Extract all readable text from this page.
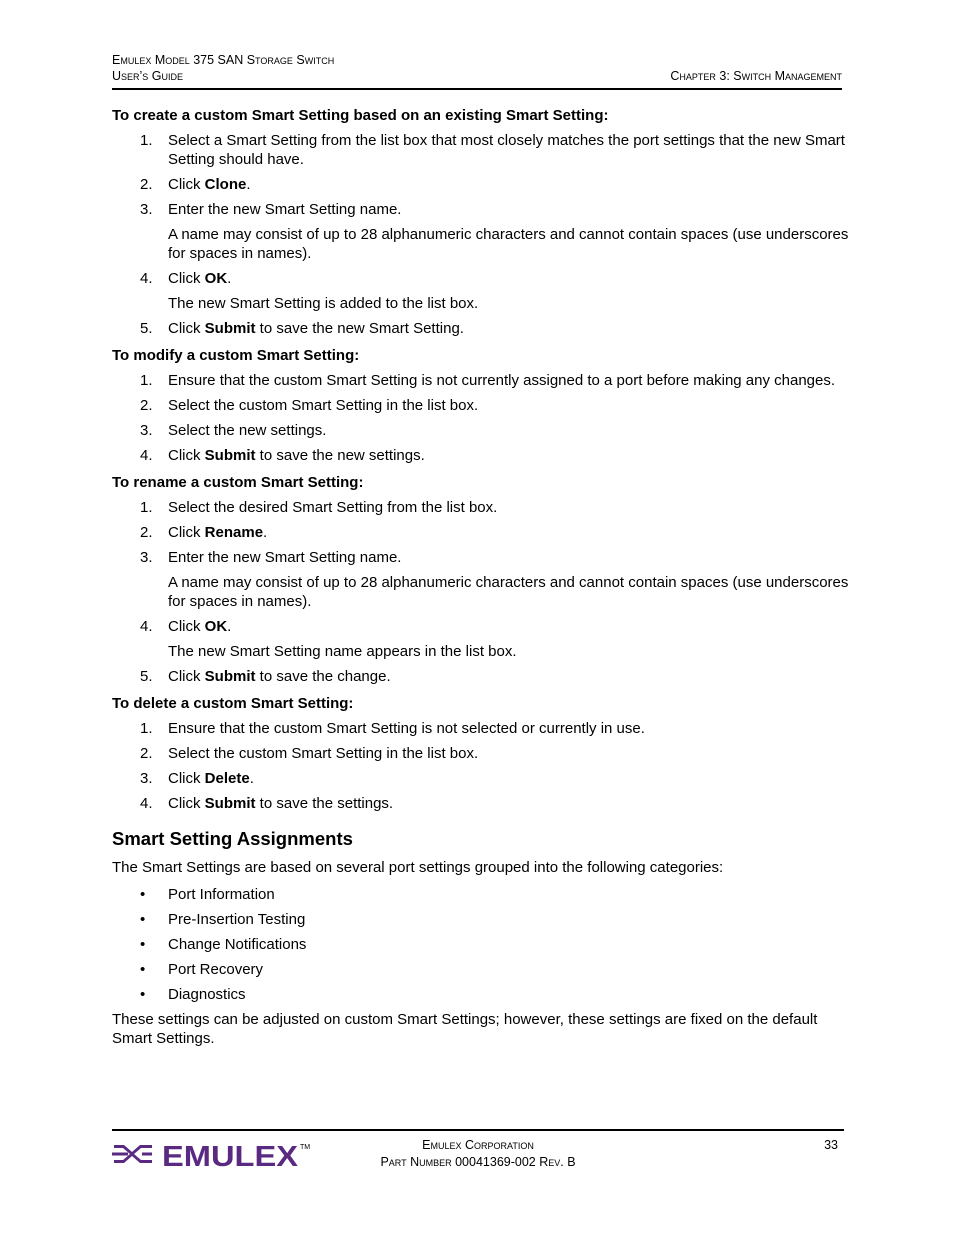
Emulex Model 375 SAN Storage Switch
User’s Guide	Chapter 3: Switch Management
To create a custom Smart Setting based on an existing Smart Setting:
1. Select a Smart Setting from the list box that most closely matches the port settings that the new Smart Setting should have.
2. Click Clone.
3. Enter the new Smart Setting name.
A name may consist of up to 28 alphanumeric characters and cannot contain spaces (use underscores for spaces in names).
4. Click OK.
The new Smart Setting is added to the list box.
5. Click Submit to save the new Smart Setting.
To modify a custom Smart Setting:
1. Ensure that the custom Smart Setting is not currently assigned to a port before making any changes.
2. Select the custom Smart Setting in the list box.
3. Select the new settings.
4. Click Submit to save the new settings.
To rename a custom Smart Setting:
1. Select the desired Smart Setting from the list box.
2. Click Rename.
3. Enter the new Smart Setting name.
A name may consist of up to 28 alphanumeric characters and cannot contain spaces (use underscores for spaces in names).
4. Click OK.
The new Smart Setting name appears in the list box.
5. Click Submit to save the change.
To delete a custom Smart Setting:
1. Ensure that the custom Smart Setting is not selected or currently in use.
2. Select the custom Smart Setting in the list box.
3. Click Delete.
4. Click Submit to save the settings.
Smart Setting Assignments
The Smart Settings are based on several port settings grouped into the following categories:
• Port Information
• Pre-Insertion Testing
• Change Notifications
• Port Recovery
• Diagnostics
These settings can be adjusted on custom Smart Settings; however, these settings are fixed on the default Smart Settings.
EMULEX TM	Emulex Corporation
Part Number 00041369-002 Rev. B
33
